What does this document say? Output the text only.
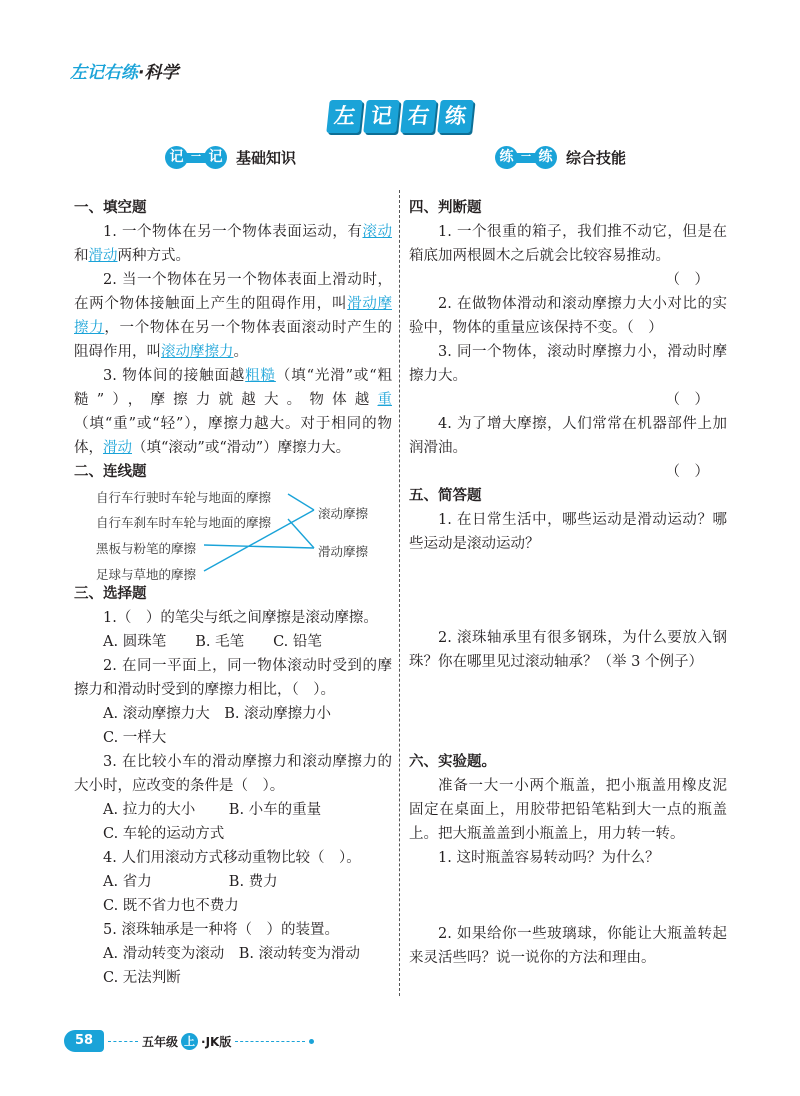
左记右练·科学
左 记 右 练
记 一 记 基础知识	练 一 练 综合技能
一、填空题
1. 一个物体在另一个物体表面运动，有滚动和滑动两种方式。
2. 当一个物体在另一个物体表面上滑动时，在两个物体接触面上产生的阻碍作用，叫滑动摩擦力，一个物体在另一个物体表面滚动时产生的阻碍作用，叫滚动摩擦力。
3. 物体间的接触面越粗糙（填“光滑”或“粗糙”），摩擦力就越大。物体越重（填“重”或“轻”），摩擦力越大。对于相同的物体，滑动（填“滚动”或“滑动”）摩擦力大。
二、连线题
自行车行驶时车轮与地面的摩擦
自行车刹车时车轮与地面的摩擦
黑板与粉笔的摩擦
足球与草地的摩擦
滚动摩擦
滑动摩擦
三、选择题
1.（　）的笔尖与纸之间摩擦是滚动摩擦。
A. 圆珠笔　　B. 毛笔　　C. 铅笔
2. 在同一平面上，同一物体滚动时受到的摩擦力和滑动时受到的摩擦力相比，（　）。
A. 滚动摩擦力大　B. 滚动摩擦力小
C. 一样大
3. 在比较小车的滑动摩擦力和滚动摩擦力的大小时，应改变的条件是（　）。
A. 拉力的大小　　 B. 小车的重量
C. 车轮的运动方式
4. 人们用滚动方式移动重物比较（　）。
A. 省力　　　　　 B. 费力
C. 既不省力也不费力
5. 滚珠轴承是一种将（　）的装置。
A. 滑动转变为滚动　B. 滚动转变为滑动
C. 无法判断
四、判断题
1. 一个很重的箱子，我们推不动它，但是在箱底加两根圆木之后就会比较容易推动。
（　）
2. 在做物体滑动和滚动摩擦力大小对比的实验中，物体的重量应该保持不变。（　）
3. 同一个物体，滚动时摩擦力小，滑动时摩擦力大。
（　）
4. 为了增大摩擦，人们常常在机器部件上加润滑油。
（　）
五、简答题
1. 在日常生活中，哪些运动是滑动运动？哪些运动是滚动运动？
2. 滚珠轴承里有很多钢珠，为什么要放入钢珠？你在哪里见过滚动轴承？（举 3 个例子）
六、实验题。
准备一大一小两个瓶盖，把小瓶盖用橡皮泥固定在桌面上，用胶带把铅笔粘到大一点的瓶盖上。把大瓶盖盖到小瓶盖上，用力转一转。
1. 这时瓶盖容易转动吗？为什么？
2. 如果给你一些玻璃球，你能让大瓶盖转起来灵活些吗？说一说你的方法和理由。
58	五年级 上 ·JK版
